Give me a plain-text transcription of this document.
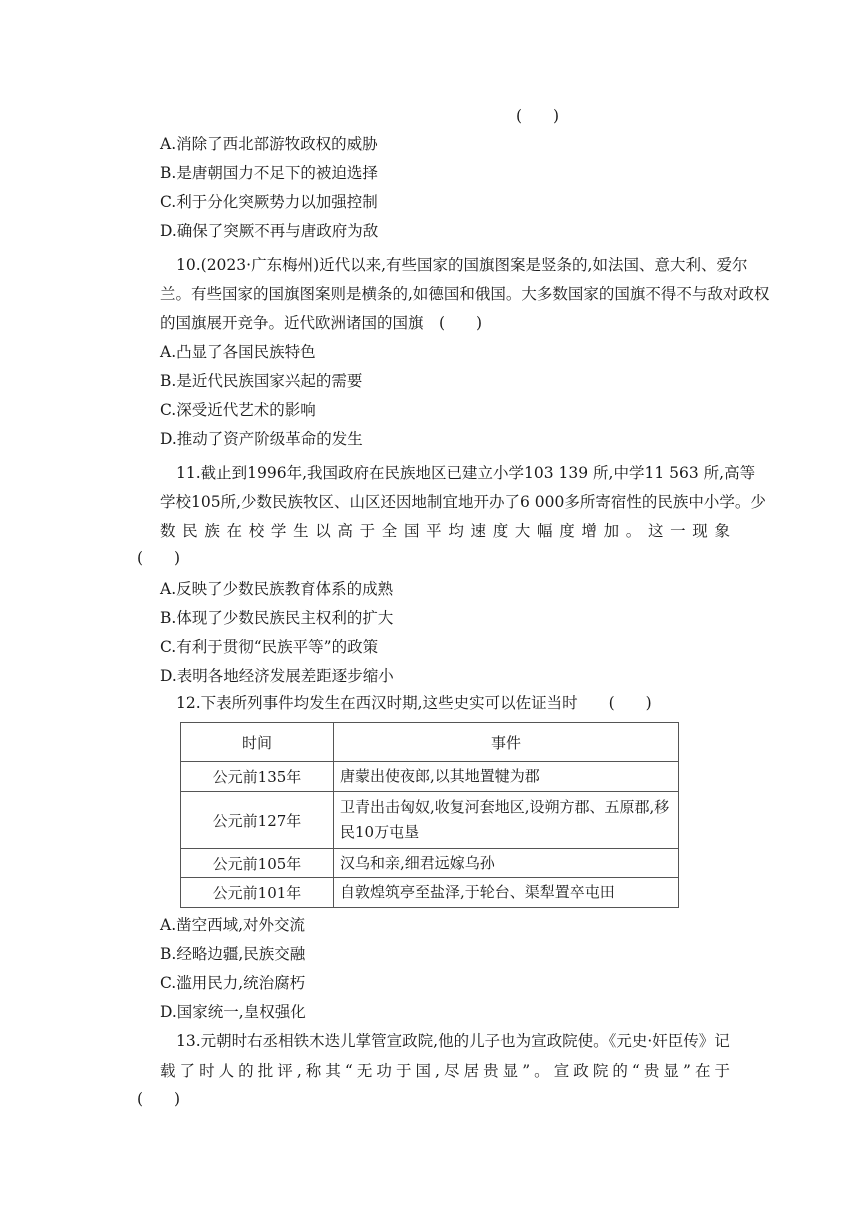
(　　)
A.消除了西北部游牧政权的威胁
B.是唐朝国力不足下的被迫选择
C.利于分化突厥势力以加强控制
D.确保了突厥不再与唐政府为敌
10.(2023·广东梅州)近代以来,有些国家的国旗图案是竖条的,如法国、意大利、爱尔
兰。有些国家的国旗图案则是横条的,如德国和俄国。大多数国家的国旗不得不与敌对政权
的国旗展开竞争。近代欧洲诸国的国旗　(　　)
A.凸显了各国民族特色
B.是近代民族国家兴起的需要
C.深受近代艺术的影响
D.推动了资产阶级革命的发生
11.截止到1996年,我国政府在民族地区已建立小学103 139 所,中学11 563 所,高等
学校105所,少数民族牧区、山区还因地制宜地开办了6 000多所寄宿性的民族中小学。少
数民族在校学生以高于全国平均速度大幅度增加。这一现象
(　　)
A.反映了少数民族教育体系的成熟
B.体现了少数民族民主权利的扩大
C.有利于贯彻“民族平等”的政策
D.表明各地经济发展差距逐步缩小
12.下表所列事件均发生在西汉时期,这些史实可以佐证当时　　(　　)
时间	事件
公元前135年	唐蒙出使夜郎,以其地置犍为郡
公元前127年	卫青出击匈奴,收复河套地区,设朔方郡、五原郡,移民10万屯垦
公元前105年	汉乌和亲,细君远嫁乌孙
公元前101年	自敦煌筑亭至盐泽,于轮台、渠犁置卒屯田
A.凿空西域,对外交流
B.经略边疆,民族交融
C.滥用民力,统治腐朽
D.国家统一,皇权强化
13.元朝时右丞相铁木迭儿掌管宣政院,他的儿子也为宣政院使。《元史·奸臣传》记
载了时人的批评,称其“无功于国,尽居贵显”。宣政院的“贵显”在于
(　　)
